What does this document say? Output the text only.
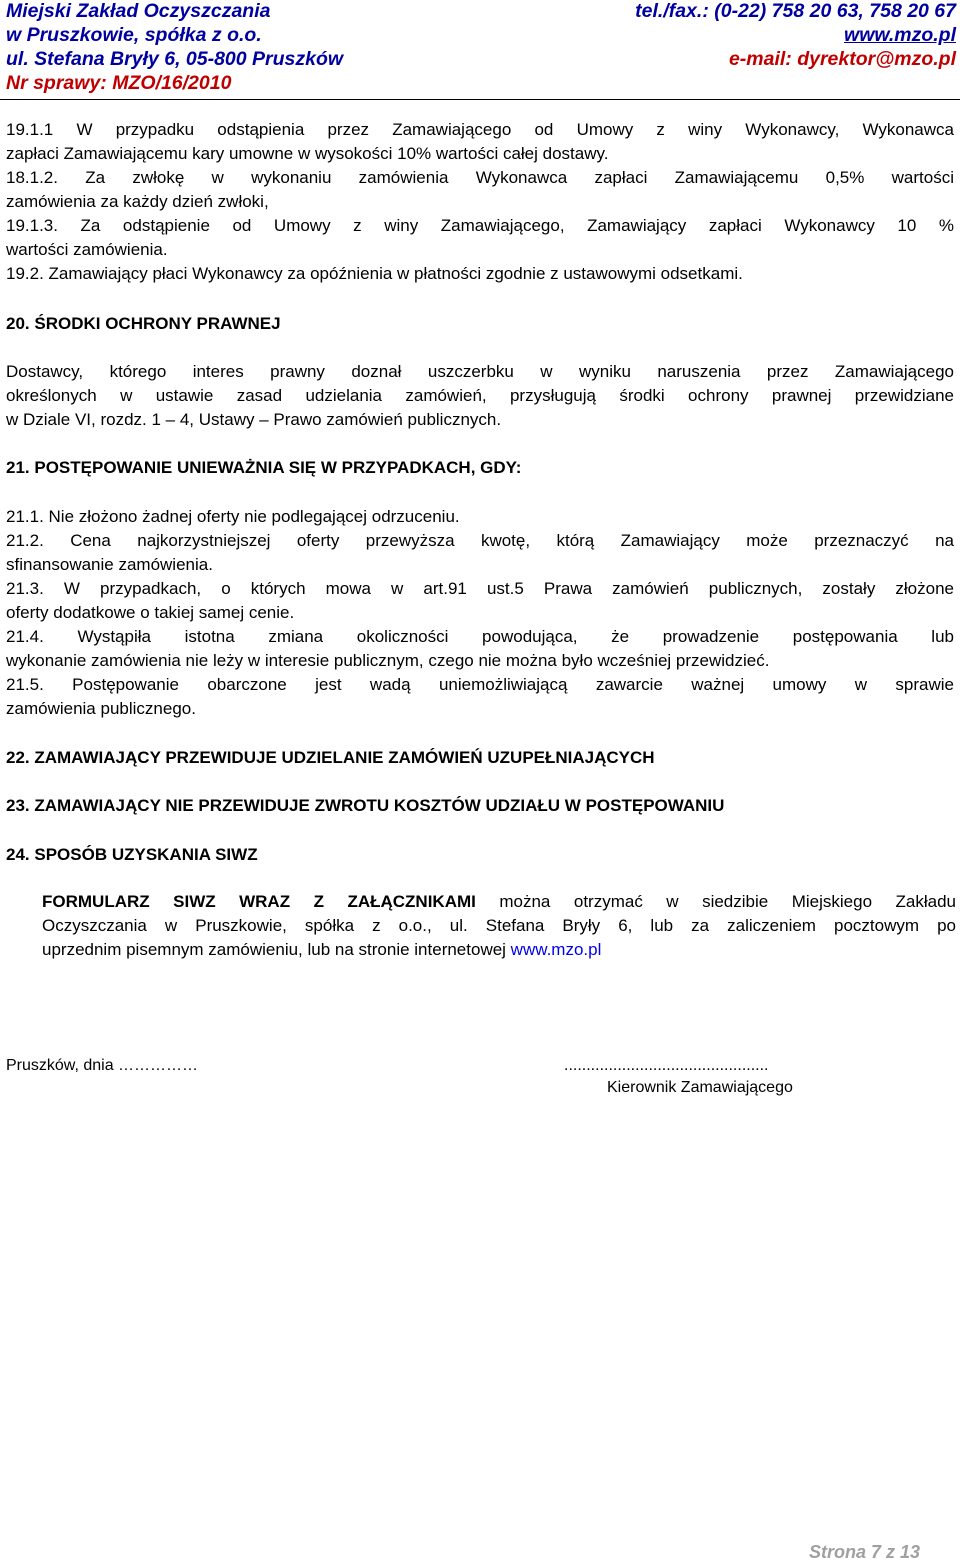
Miejski Zakład Oczyszczania	tel./fax.: (0-22) 758 20 63, 758 20 67
w Pruszkowie, spółka z o.o.	www.mzo.pl
ul. Stefana Bryły 6, 05-800 Pruszków	e-mail: dyrektor@mzo.pl
Nr sprawy: MZO/16/2010
19.1.1 W przypadku odstąpienia przez Zamawiającego od Umowy z winy Wykonawcy, Wykonawca
zapłaci Zamawiającemu kary umowne w wysokości 10% wartości całej dostawy.
18.1.2. Za zwłokę w wykonaniu zamówienia Wykonawca zapłaci Zamawiającemu 0,5% wartości
zamówienia za każdy dzień zwłoki,
19.1.3. Za odstąpienie od Umowy z winy Zamawiającego, Zamawiający zapłaci Wykonawcy 10 %
wartości zamówienia.
19.2. Zamawiający płaci Wykonawcy za opóźnienia w płatności zgodnie z ustawowymi odsetkami.
20. ŚRODKI OCHRONY PRAWNEJ
Dostawcy, którego interes prawny doznał uszczerbku w wyniku naruszenia przez Zamawiającego
określonych w ustawie zasad udzielania zamówień, przysługują środki ochrony prawnej przewidziane
w Dziale VI, rozdz. 1 – 4, Ustawy – Prawo zamówień publicznych.
21. POSTĘPOWANIE UNIEWAŻNIA SIĘ W PRZYPADKACH, GDY:
21.1. Nie złożono żadnej oferty nie podlegającej odrzuceniu.
21.2. Cena najkorzystniejszej oferty przewyższa kwotę, którą Zamawiający może przeznaczyć na
sfinansowanie zamówienia.
21.3. W przypadkach, o których mowa w art.91 ust.5 Prawa zamówień publicznych, zostały złożone
oferty dodatkowe o takiej samej cenie.
21.4. Wystąpiła istotna zmiana okoliczności powodująca, że prowadzenie postępowania lub
wykonanie zamówienia nie leży w interesie publicznym, czego nie można było wcześniej przewidzieć.
21.5. Postępowanie obarczone jest wadą uniemożliwiającą zawarcie ważnej umowy w sprawie
zamówienia publicznego.
22. ZAMAWIAJĄCY PRZEWIDUJE UDZIELANIE ZAMÓWIEŃ UZUPEŁNIAJĄCYCH
23. ZAMAWIAJĄCY NIE PRZEWIDUJE ZWROTU KOSZTÓW UDZIAŁU W POSTĘPOWANIU
24. SPOSÓB UZYSKANIA SIWZ
FORMULARZ SIWZ WRAZ Z ZAŁĄCZNIKAMI można otrzymać w siedzibie Miejskiego Zakładu
Oczyszczania w Pruszkowie, spółka z o.o., ul. Stefana Bryły 6, lub za zaliczeniem pocztowym po
uprzednim pisemnym zamówieniu, lub na stronie internetowej www.mzo.pl
Pruszków, dnia ……………	..............................................
Kierownik Zamawiającego
Strona 7 z 13
